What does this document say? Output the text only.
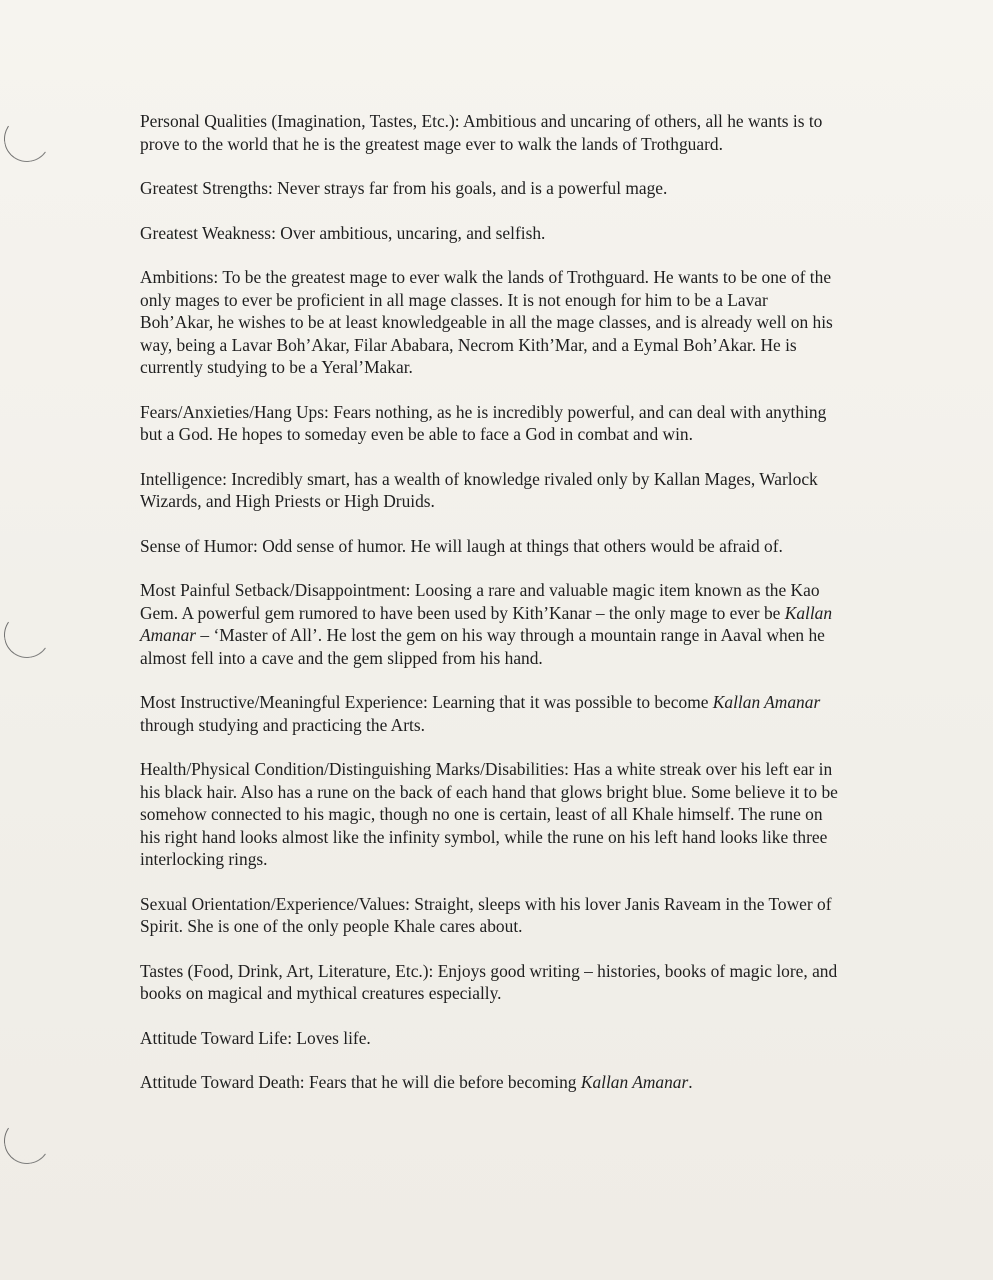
Personal Qualities (Imagination, Tastes, Etc.): Ambitious and uncaring of others, all he wants is to prove to the world that he is the greatest mage ever to walk the lands of Trothguard.

Greatest Strengths: Never strays far from his goals, and is a powerful mage.

Greatest Weakness: Over ambitious, uncaring, and selfish.

Ambitions: To be the greatest mage to ever walk the lands of Trothguard. He wants to be one of the only mages to ever be proficient in all mage classes. It is not enough for him to be a Lavar Boh’Akar, he wishes to be at least knowledgeable in all the mage classes, and is already well on his way, being a Lavar Boh’Akar, Filar Ababara, Necrom Kith’Mar, and a Eymal Boh’Akar. He is currently studying to be a Yeral’Makar.

Fears/Anxieties/Hang Ups: Fears nothing, as he is incredibly powerful, and can deal with anything but a God. He hopes to someday even be able to face a God in combat and win.

Intelligence: Incredibly smart, has a wealth of knowledge rivaled only by Kallan Mages, Warlock Wizards, and High Priests or High Druids.

Sense of Humor: Odd sense of humor. He will laugh at things that others would be afraid of.

Most Painful Setback/Disappointment: Loosing a rare and valuable magic item known as the Kao Gem. A powerful gem rumored to have been used by Kith’Kanar – the only mage to ever be Kallan Amanar – ‘Master of All’. He lost the gem on his way through a mountain range in Aaval when he almost fell into a cave and the gem slipped from his hand.

Most Instructive/Meaningful Experience: Learning that it was possible to become Kallan Amanar through studying and practicing the Arts.

Health/Physical Condition/Distinguishing Marks/Disabilities: Has a white streak over his left ear in his black hair. Also has a rune on the back of each hand that glows bright blue. Some believe it to be somehow connected to his magic, though no one is certain, least of all Khale himself. The rune on his right hand looks almost like the infinity symbol, while the rune on his left hand looks like three interlocking rings.

Sexual Orientation/Experience/Values: Straight, sleeps with his lover Janis Raveam in the Tower of Spirit. She is one of the only people Khale cares about.

Tastes (Food, Drink, Art, Literature, Etc.): Enjoys good writing – histories, books of magic lore, and books on magical and mythical creatures especially.

Attitude Toward Life: Loves life.

Attitude Toward Death: Fears that he will die before becoming Kallan Amanar.
